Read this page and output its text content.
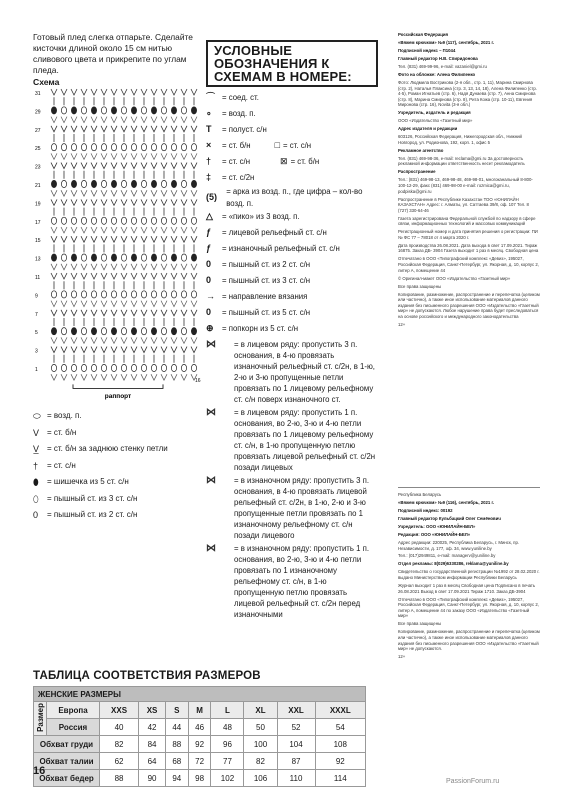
Готовый плед слегка отпарьте. Сделайте кисточки длиной около 15 см нитью сливового цвета и прикрепите по углам пледа.
Схема
31
29
27
25
23
21
19
17
15
13
11
9
7
5
3
1
раппорт
16
⬭ = возд. п.
V = ст. б/н
V̲ = ст. б/н за заднюю стенку петли
†	= ст. с/н
⬮	= шишечка из 5 ст. с/н
⬯	= пышный ст. из 3 ст. с/н
0	= пышный ст. из 2 ст. с/н
УСЛОВНЫЕ ОБОЗНАЧЕНИЯ К СХЕМАМ В НОМЕРЕ:
⌒ = соед. ст.
∘	= возд. п.
T	= полуст. с/н
×	= ст. б/н	□ = ст. с/н
†	= ст. с/н	⊠ = ст. б/н
‡	= ст. с/2н
(5)
= арка из возд. п., где цифра – кол-во возд. п.
△	= «пико» из 3 возд. п.
ƒ	= лицевой рельефный ст. с/н
ƒ	= изнаночный рельефный ст. с/н
0	= пышный ст. из 2 ст. с/н
0	= пышный ст. из 3 ст. с/н
→ = направление вязания
0	= пышный ст. из 5 ст. с/н
⊕	= попкорн из 5 ст. с/н
⋈	= в лицевом ряду: пропустить 3 п. основания, в 4-ю провязать изнаночный рельефный ст. с/2н, в 1-ю, 2-ю и 3-ю пропущенные петли провязать по 1 лицевому рельефному ст. с/н поверх изнаночного ст.
⋈	= в лицевом ряду: пропустить 1 п. основания, во 2-ю, 3-ю и 4-ю петли провязать по 1 лицевому рельефному ст. с/н, в 1-ю пропущенную петлю провязать лицевой рельефный ст. с/2н позади лицевых
⋈	= в изнаночном ряду: пропустить 3 п. основания, в 4-ю провязать лицевой рельефный ст. с/2н, в 1-ю, 2-ю и 3-ю пропущенные петли провязать по 1 изнаночному рельефному ст. с/н позади лицевого
⋈	= в изнаночном ряду: пропустить 1 п. основания, во 2-ю, 3-ю и 4-ю петли провязать по 1 изнаночному рельефному ст. с/н, в 1-ю пропущенную петлю провязать лицевой рельефный ст. с/2н перед изнаночными

Российская Федерация

«Вяжем крючком» №9 (117), сентябрь, 2021 г.

Подписной индекс – П1044

Главный редактор Н.В. Спиридонова

Тел. (831) 469-99-96, e-mail: vazaniel@gmi.ru

Фото на обложке: Алена Филипенко

Фото: Людмила Вострикова (2-я обл., стр. 1, 11), Марина Смирнова (стр. 2), Наталья Плаксина (стр. 3, 13, 14, 18), Алена Филипенко (стр. 4-5), Роман Игнатьев (стр. 6), Надя Дунаева (стр. 7), Анна Смирнова (стр. 8), Марина Смирнова (стр. 8), Рита Кожа (стр. 10-11), Евгения Миронова (стр. 16), Novita (3-я обл.)

Учредитель, издатель и редакция

ООО «Издательство «Газетный мир»

Адрес издателя и редакции

603126, Российская Федерация, Нижегородская обл., Нижний Новгород, ул. Родионова, 192, корп. 1, офис 5

Рекламное агентство

Тел. (831) 469-98-36, e-mail: reclama@gmi.ru За достоверность рекламной информации ответственность несет рекламодатель

Распространение

Тел.: (831) 469-98-13, 469-98-48, 469-98-01, многоканальный 8-800-100-12-29, факс (831) 469-98-00 e-mail: rozmica@gmi.ru, podpiska@gmi.ru

Распространение в Республике Казахстан ТОО «ЮНИЛАЙН КАЗАХСТАН» Адрес: г. Алматы, ул. Саттаева 39/8, оф. 107 Тел. 8 (727) 330-64-46

Газета зарегистрирована Федеральной службой по надзору в сфере связи, информационных технологий и массовых коммуникаций

Регистрационный номер и дата принятия решения о регистрации: ПИ № ФС 77 – 78018 от 4 марта 2020 г.

Дата производства 26.08.2021. Дата выхода в свет 17.09.2021. Тираж 16875. Заказ ДБ- 3904 Газета выходит 1 раз в месяц. Свободная цена

Отпечатано в ООО «Типографский комплекс «Девиз», 195027, Российская Федерация, Санкт-Петербург, ул. Якорная, д. 10, корпус 2, литер А, помещение 44

© Оригинал-макет ООО «Издательство «Газетный мир»

Все права защищены

Копирование, размножение, распространение и перепечатка (целиком или частично), а также иное использование материалов данного издания без письменного разрешения ООО «Издательство «Газетный мир» не допускаются. Любое нарушение права будет преследоваться на основе российского и международного законодательства

12+

Республика Беларусь

«Вяжем крючком» №9 (116), сентябрь, 2021 г.

Подписной индекс: 00192

Главный редактор Кульбацкий Олег Семёнович

Учредитель: ООО «ЮНИЛАЙН-БЕЛ»

Редакция: ООО «ЮНИЛАЙН-БЕЛ»

Адрес редакции: 220025, Республика Беларусь, г. Минск, пр. Независимости, д. 177, оф. 34, www.yuniline.by

Тел.: (017)2949811, e-mail: managerv@yuniline.by

Отдел рекламы: 8(029)6330286, reklama@yuniline.by

Свидетельство о государственной регистрации №1992 от 28.02.2020 г. выдано Министерством информации Республики Беларусь

Журнал выходит 1 раз в месяц Свободная цена Подписано в печать 26.08.2021 Выход в свет 17.09.2021 Тираж 1710. Заказ ДБ-3904

Отпечатано в ООО «Типографский комплекс «Девиз», 195027, Российская Федерация, Санкт-Петербург, ул. Якорная, д. 10, корпус 2, литер А, помещение 44 по заказу ООО «Издательство «Газетный мир»

Все права защищены

Копирование, размножение, распространение и перепечатка (целиком или частично), а также иное использование материалов данного издания без письменного разрешения ООО «Издательство «Газетный мир» не допускаются.

12+

ТАБЛИЦА СООТВЕТСТВИЯ РАЗМЕРОВ
ЖЕНСКИЕ РАЗМЕРЫ									
Размер	Европа	XXS	XS	S	M	L	XL	XXL	XXXL
	Россия	40	42	44	46	48	50	52	54
Обхват груди		82	84	88	92	96	100	104	108
Обхват талии		62	64	68	72	77	82	87	92
Обхват бедер		88	90	94	98	102	106	110	114
16
PassionForum.ru
